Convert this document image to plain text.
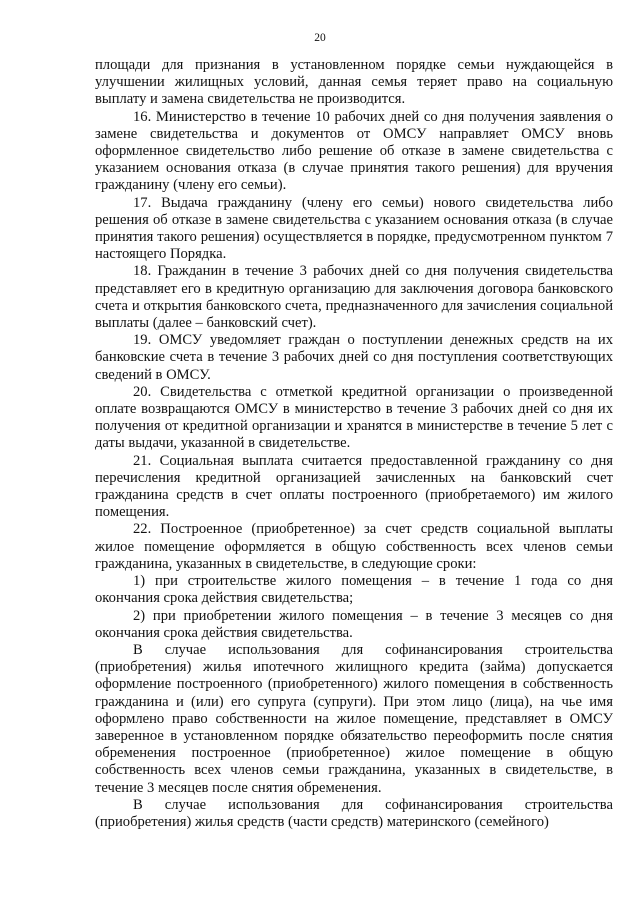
20

площади для признания в установленном порядке семьи нуждающейся в улучшении жилищных условий, данная семья теряет право на социальную выплату и замена свидетельства не производится.

16. Министерство в течение 10 рабочих дней со дня получения заявления о замене свидетельства и документов от ОМСУ направляет ОМСУ вновь оформленное свидетельство либо решение об отказе в замене свидетельства с указанием основания отказа (в случае принятия такого решения) для вручения гражданину (члену его семьи).

17. Выдача гражданину (члену его семьи) нового свидетельства либо решения об отказе в замене свидетельства с указанием основания отказа (в случае принятия такого решения) осуществляется в порядке, предусмотренном пунктом 7 настоящего Порядка.

18. Гражданин в течение 3 рабочих дней со дня получения свидетельства представляет его в кредитную организацию для заключения договора банковского счета и открытия банковского счета, предназначенного для зачисления социальной выплаты (далее – банковский счет).

19. ОМСУ уведомляет граждан о поступлении денежных средств на их банковские счета в течение 3 рабочих дней со дня поступления соответствующих сведений в ОМСУ.

20. Свидетельства с отметкой кредитной организации о произведенной оплате возвращаются ОМСУ в министерство в течение 3 рабочих дней со дня их получения от кредитной организации и хранятся в министерстве в течение 5 лет с даты выдачи, указанной в свидетельстве.

21. Социальная выплата считается предоставленной гражданину со дня перечисления кредитной организацией зачисленных на банковский счет гражданина средств в счет оплаты построенного (приобретаемого) им жилого помещения.

22. Построенное (приобретенное) за счет средств социальной выплаты жилое помещение оформляется в общую собственность всех членов семьи гражданина, указанных в свидетельстве, в следующие сроки:

1) при строительстве жилого помещения – в течение 1 года со дня окончания срока действия свидетельства;

2) при приобретении жилого помещения – в течение 3 месяцев со дня окончания срока действия свидетельства.

В случае использования для софинансирования строительства (приобретения) жилья ипотечного жилищного кредита (займа) допускается оформление построенного (приобретенного) жилого помещения в собственность гражданина и (или) его супруга (супруги). При этом лицо (лица), на чье имя оформлено право собственности на жилое помещение, представляет в ОМСУ заверенное в установленном порядке обязательство переоформить после снятия обременения построенное (приобретенное) жилое помещение в общую собственность всех членов семьи гражданина, указанных в свидетельстве, в течение 3 месяцев после снятия обременения.

В случае использования для софинансирования строительства (приобретения) жилья средств (части средств) материнского (семейного)
